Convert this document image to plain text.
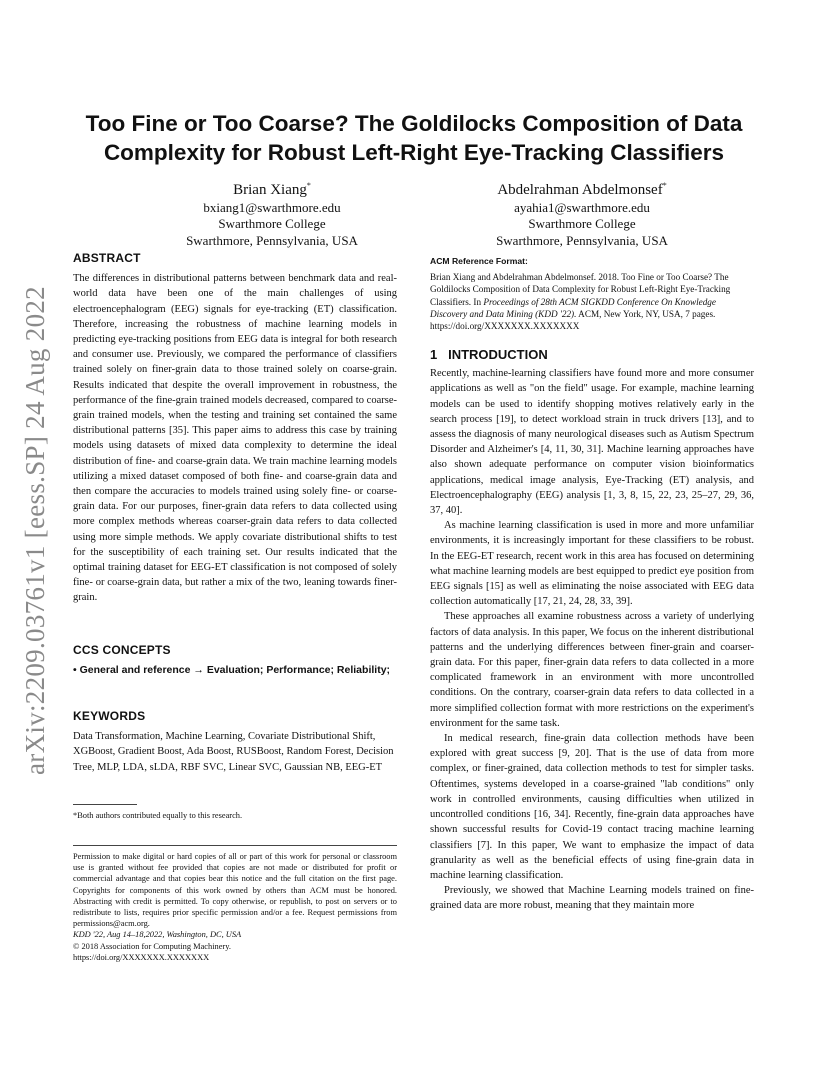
arXiv:2209.03761v1 [eess.SP] 24 Aug 2022
Too Fine or Too Coarse? The Goldilocks Composition of Data
Complexity for Robust Left-Right Eye-Tracking Classifiers
Brian Xiang*
bxiang1@swarthmore.edu
Swarthmore College
Swarthmore, Pennsylvania, USA
Abdelrahman Abdelmonsef*
ayahia1@swarthmore.edu
Swarthmore College
Swarthmore, Pennsylvania, USA
ABSTRACT

The differences in distributional patterns between benchmark data and real-world data have been one of the main challenges of using electroencephalogram (EEG) signals for eye-tracking (ET) classification. Therefore, increasing the robustness of machine learning models in predicting eye-tracking positions from EEG data is integral for both research and consumer use. Previously, we compared the performance of classifiers trained solely on finer-grain data to those trained solely on coarse-grain. Results indicated that despite the overall improvement in robustness, the performance of the fine-grain trained models decreased, compared to coarse-grain trained models, when the testing and training set contained the same distributional patterns [35]. This paper aims to address this case by training models using datasets of mixed data complexity to determine the ideal distribution of fine- and coarse-grain data. We train machine learning models utilizing a mixed dataset composed of both fine- and coarse-grain data and then compare the accuracies to models trained using solely fine- or coarse-grain data. For our purposes, finer-grain data refers to data collected using more complex methods whereas coarser-grain data refers to data collected using more simple methods. We apply covariate distributional shifts to test for the susceptibility of each training set. Our results indicated that the optimal training dataset for EEG-ET classification is not composed of solely fine- or coarse-grain data, but rather a mix of the two, leaning towards finer-grain.

CCS CONCEPTS

• General and reference → Evaluation; Performance; Reliability;

KEYWORDS

Data Transformation, Machine Learning, Covariate Distributional Shift, XGBoost, Gradient Boost, Ada Boost, RUSBoost, Random Forest, Decision Tree, MLP, LDA, sLDA, RBF SVC, Linear SVC, Gaussian NB, EEG-ET

*Both authors contributed equally to this research.

Permission to make digital or hard copies of all or part of this work for personal or classroom use is granted without fee provided that copies are not made or distributed for profit or commercial advantage and that copies bear this notice and the full citation on the first page. Copyrights for components of this work owned by others than ACM must be honored. Abstracting with credit is permitted. To copy otherwise, or republish, to post on servers or to redistribute to lists, requires prior specific permission and/or a fee. Request permissions from permissions@acm.org.

KDD '22, Aug 14–18,2022, Washington, DC, USA
© 2018 Association for Computing Machinery.
https://doi.org/XXXXXXX.XXXXXXX
ACM Reference Format:

Brian Xiang and Abdelrahman Abdelmonsef. 2018. Too Fine or Too Coarse? The Goldilocks Composition of Data Complexity for Robust Left-Right Eye-Tracking Classifiers. In Proceedings of 28th ACM SIGKDD Conference On Knowledge Discovery and Data Mining (KDD '22). ACM, New York, NY, USA, 7 pages. https://doi.org/XXXXXXX.XXXXXXX

1 INTRODUCTION

Recently, machine-learning classifiers have found more and more consumer applications as well as "on the field" usage. For example, machine learning models can be used to identify shopping motives relatively early in the search process [19], to detect workload strain in truck drivers [13], and to assess the diagnosis of many neurological diseases such as Autism Spectrum Disorder and Alzheimer's [4, 11, 30, 31]. Machine learning approaches have also shown adequate performance on computer vision bioinformatics applications, medical image analysis, Eye-Tracking (ET) analysis, and Electroencephalography (EEG) analysis [1, 3, 8, 15, 22, 23, 25–27, 29, 36, 37, 40].

As machine learning classification is used in more and more unfamiliar environments, it is increasingly important for these classifiers to be robust. In the EEG-ET research, recent work in this area has focused on determining what machine learning models are best equipped to predict eye position from EEG signals [15] as well as eliminating the noise associated with EEG data collection automatically [17, 21, 24, 28, 33, 39].

These approaches all examine robustness across a variety of underlying factors of data analysis. In this paper, We focus on the inherent distributional patterns and the underlying differences between finer-grain and coarser-grain data. For this paper, finer-grain data refers to data collected in a more complicated framework in an environment with more uncontrolled conditions. On the contrary, coarser-grain data refers to data collected in a more simplified collection format with more restrictions on the experiment's environment for the same task.

In medical research, fine-grain data collection methods have been explored with great success [9, 20]. That is the use of data from more complex, or finer-grained, data collection methods to test for simpler tasks. Oftentimes, systems developed in a coarse-grained "lab conditions" only work in controlled environments, causing difficulties when utilized in uncontrolled conditions [16, 34]. Recently, fine-grain data approaches have shown successful results for Covid-19 contact tracing machine learning classifiers [7]. In this paper, We want to emphasize the impact of data granularity as well as the beneficial effects of using fine-grain data in machine learning classification.

Previously, we showed that Machine Learning models trained on fine-grained data are more robust, meaning that they maintain more
